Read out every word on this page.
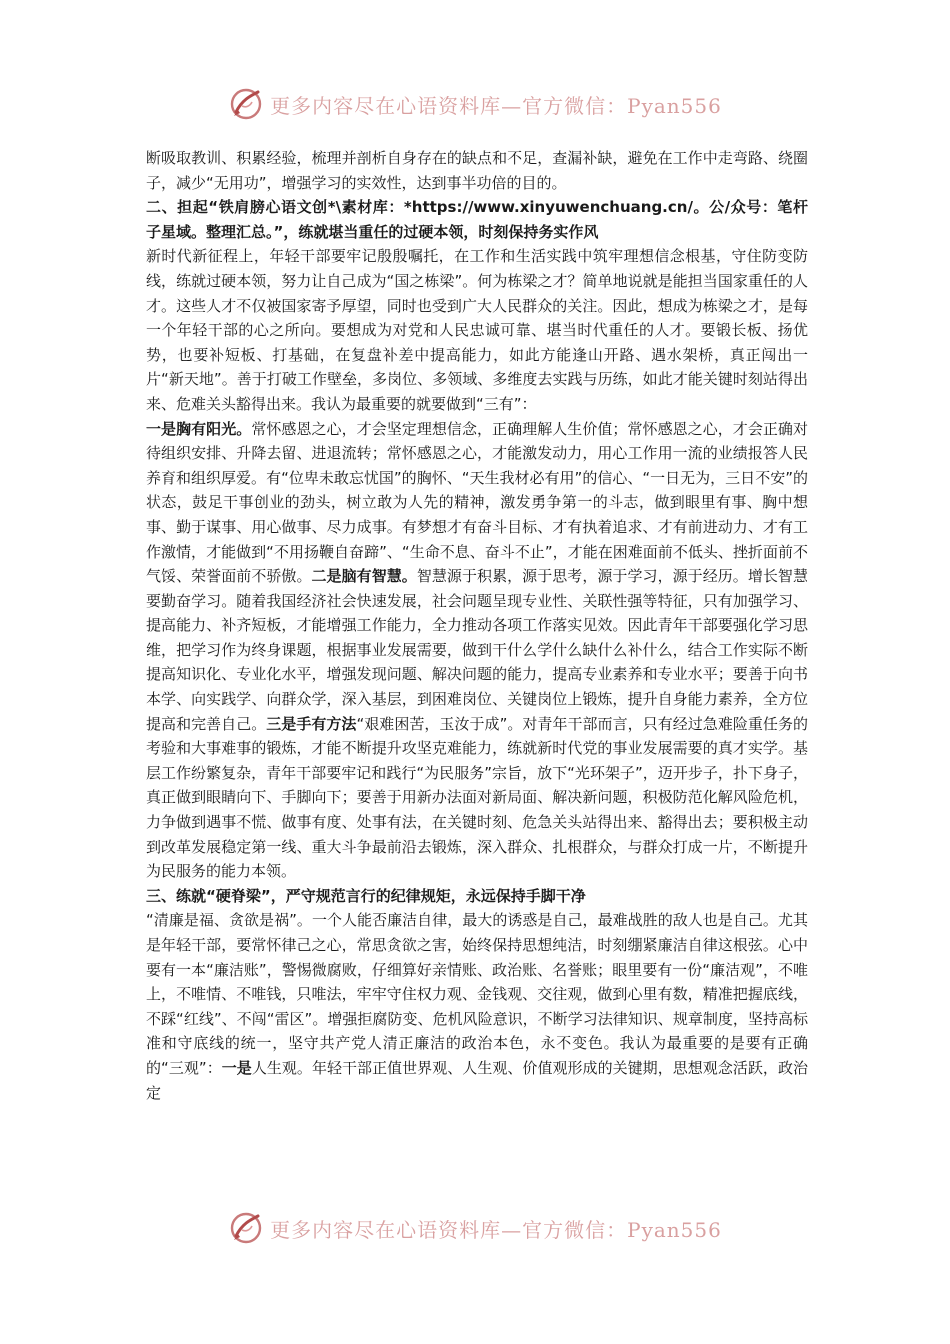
更多内容尽在心语资料库—官方微信：Pyan556

断吸取教训、积累经验，梳理并剖析自身存在的缺点和不足，查漏补缺，避免在工作中走弯路、绕圈子，减少“无用功”，增强学习的实效性，达到事半功倍的目的。

二、担起“铁肩膀心语文创*\素材库：*https://www.xinyuwenchuang.cn/。公/众号：笔杆子星域。整理汇总。”，练就堪当重任的过硬本领，时刻保持务实作风

新时代新征程上，年轻干部要牢记殷殷嘱托，在工作和生活实践中筑牢理想信念根基，守住防变防线，练就过硬本领，努力让自己成为“国之栋梁”。何为栋梁之才？简单地说就是能担当国家重任的人才。这些人才不仅被国家寄予厚望，同时也受到广大人民群众的关注。因此，想成为栋梁之才，是每一个年轻干部的心之所向。要想成为对党和人民忠诚可靠、堪当时代重任的人才。要锻长板、扬优势，也要补短板、打基础，在复盘补差中提高能力，如此方能逢山开路、遇水架桥，真正闯出一片“新天地”。善于打破工作壁垒，多岗位、多领域、多维度去实践与历练，如此才能关键时刻站得出来、危难关头豁得出来。我认为最重要的就要做到“三有”：

一是胸有阳光。常怀感恩之心，才会坚定理想信念，正确理解人生价值；常怀感恩之心，才会正确对待组织安排、升降去留、进退流转；常怀感恩之心，才能激发动力，用心工作用一流的业绩报答人民养育和组织厚爱。有“位卑未敢忘忧国”的胸怀、“天生我材必有用”的信心、“一日无为，三日不安”的状态，鼓足干事创业的劲头，树立敢为人先的精神，激发勇争第一的斗志，做到眼里有事、胸中想事、勤于谋事、用心做事、尽力成事。有梦想才有奋斗目标、才有执着追求、才有前进动力、才有工作激情，才能做到“不用扬鞭自奋蹄”、“生命不息、奋斗不止”，才能在困难面前不低头、挫折面前不气馁、荣誉面前不骄傲。二是脑有智慧。智慧源于积累，源于思考，源于学习，源于经历。增长智慧要勤奋学习。随着我国经济社会快速发展，社会问题呈现专业性、关联性强等特征，只有加强学习、提高能力、补齐短板，才能增强工作能力，全力推动各项工作落实见效。因此青年干部要强化学习思维，把学习作为终身课题，根据事业发展需要，做到干什么学什么缺什么补什么，结合工作实际不断提高知识化、专业化水平，增强发现问题、解决问题的能力，提高专业素养和专业水平；要善于向书本学、向实践学、向群众学，深入基层，到困难岗位、关键岗位上锻炼，提升自身能力素养，全方位提高和完善自己。三是手有方法“艰难困苦，玉汝于成”。对青年干部而言，只有经过急难险重任务的考验和大事难事的锻炼，才能不断提升攻坚克难能力，练就新时代党的事业发展需要的真才实学。基层工作纷繁复杂，青年干部要牢记和践行“为民服务”宗旨，放下“光环架子”，迈开步子，扑下身子，真正做到眼睛向下、手脚向下；要善于用新办法面对新局面、解决新问题，积极防范化解风险危机，力争做到遇事不慌、做事有度、处事有法，在关键时刻、危急关头站得出来、豁得出去；要积极主动到改革发展稳定第一线、重大斗争最前沿去锻炼，深入群众、扎根群众，与群众打成一片，不断提升为民服务的能力本领。

三、练就“硬脊梁”，严守规范言行的纪律规矩，永远保持手脚干净

“清廉是福、贪欲是祸”。一个人能否廉洁自律，最大的诱惑是自己，最难战胜的敌人也是自己。尤其是年轻干部，要常怀律己之心，常思贪欲之害，始终保持思想纯洁，时刻绷紧廉洁自律这根弦。心中要有一本“廉洁账”，警惕微腐败，仔细算好亲情账、政治账、名誉账；眼里要有一份“廉洁观”，不唯上，不唯情、不唯钱，只唯法，牢牢守住权力观、金钱观、交往观，做到心里有数，精准把握底线，不踩“红线”、不闯“雷区”。增强拒腐防变、危机风险意识，不断学习法律知识、规章制度，坚持高标准和守底线的统一，坚守共产党人清正廉洁的政治本色，永不变色。我认为最重要的是要有正确的“三观”：一是人生观。年轻干部正值世界观、人生观、价值观形成的关键期，思想观念活跃，政治定

更多内容尽在心语资料库—官方微信：Pyan556
